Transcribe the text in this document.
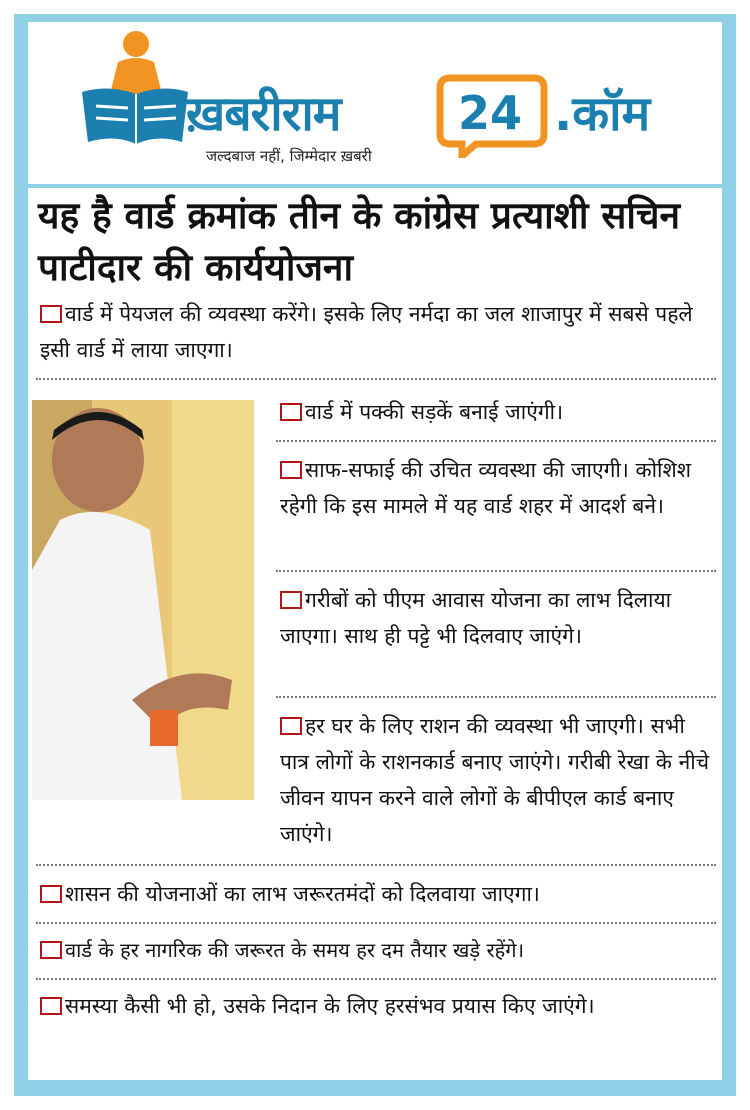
ख़बरीराम	24 .कॉम
जल्दबाज नहीं, जिम्मेदार ख़बरी
यह है वार्ड क्रमांक तीन के कांग्रेस प्रत्याशी सचिन पाटीदार की कार्ययोजना
वार्ड में पेयजल की व्यवस्था करेंगे। इसके लिए नर्मदा का जल शाजापुर में सबसे पहले इसी वार्ड में लाया जाएगा।
वार्ड में पक्की सड़कें बनाई जाएंगी।
साफ-सफाई की उचित व्यवस्था की जाएगी। कोशिश रहेगी कि इस मामले में यह वार्ड शहर में आदर्श बने।
गरीबों को पीएम आवास योजना का लाभ दिलाया जाएगा। साथ ही पट्टे भी दिलवाए जाएंगे।
हर घर के लिए राशन की व्यवस्था भी जाएगी। सभी पात्र लोगों के राशनकार्ड बनाए जाएंगे। गरीबी रेखा के नीचे जीवन यापन करने वाले लोगों के बीपीएल कार्ड बनाए जाएंगे।
शासन की योजनाओं का लाभ जरूरतमंदों को दिलवाया जाएगा।
वार्ड के हर नागरिक की जरूरत के समय हर दम तैयार खड़े रहेंगे।
समस्या कैसी भी हो, उसके निदान के लिए हरसंभव प्रयास किए जाएंगे।
